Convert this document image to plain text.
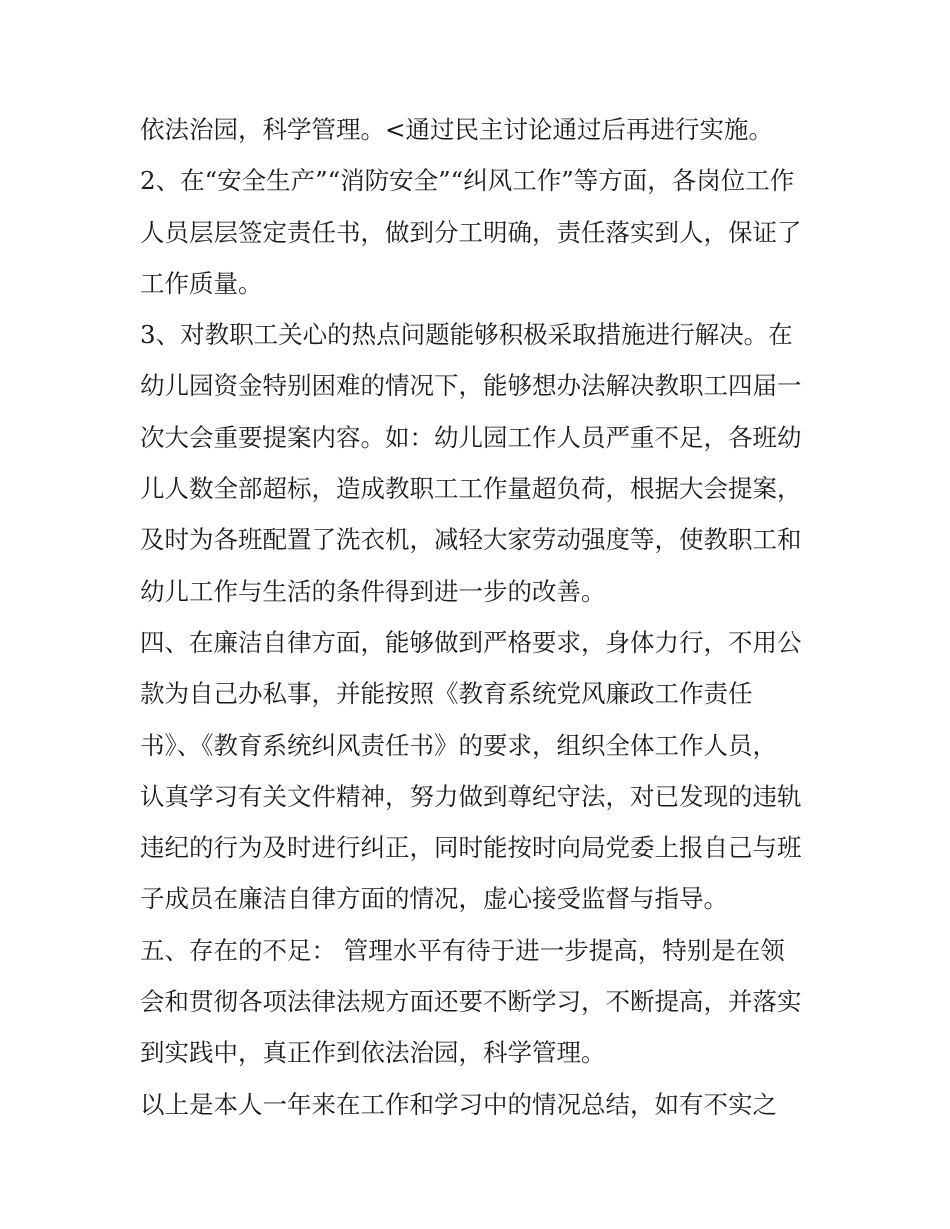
依法治园，科学管理。<通过民主讨论通过后再进行实施。
2、在“安全生产”“消防安全”“纠风工作”等方面，各岗位工作
人员层层签定责任书，做到分工明确，责任落实到人，保证了
工作质量。
3、对教职工关心的热点问题能够积极采取措施进行解决。在
幼儿园资金特别困难的情况下，能够想办法解决教职工四届一
次大会重要提案内容。如：幼儿园工作人员严重不足，各班幼
儿人数全部超标，造成教职工工作量超负荷，根据大会提案，
及时为各班配置了洗衣机，减轻大家劳动强度等，使教职工和
幼儿工作与生活的条件得到进一步的改善。
四、在廉洁自律方面，能够做到严格要求，身体力行，不用公
款为自己办私事，并能按照《教育系统党风廉政工作责任
书》、《教育系统纠风责任书》的要求，组织全体工作人员，
认真学习有关文件精神，努力做到尊纪守法，对已发现的违轨
违纪的行为及时进行纠正，同时能按时向局党委上报自己与班
子成员在廉洁自律方面的情况，虚心接受监督与指导。
五、存在的不足： 管理水平有待于进一步提高，特别是在领
会和贯彻各项法律法规方面还要不断学习，不断提高，并落实
到实践中，真正作到依法治园，科学管理。
以上是本人一年来在工作和学习中的情况总结，如有不实之
